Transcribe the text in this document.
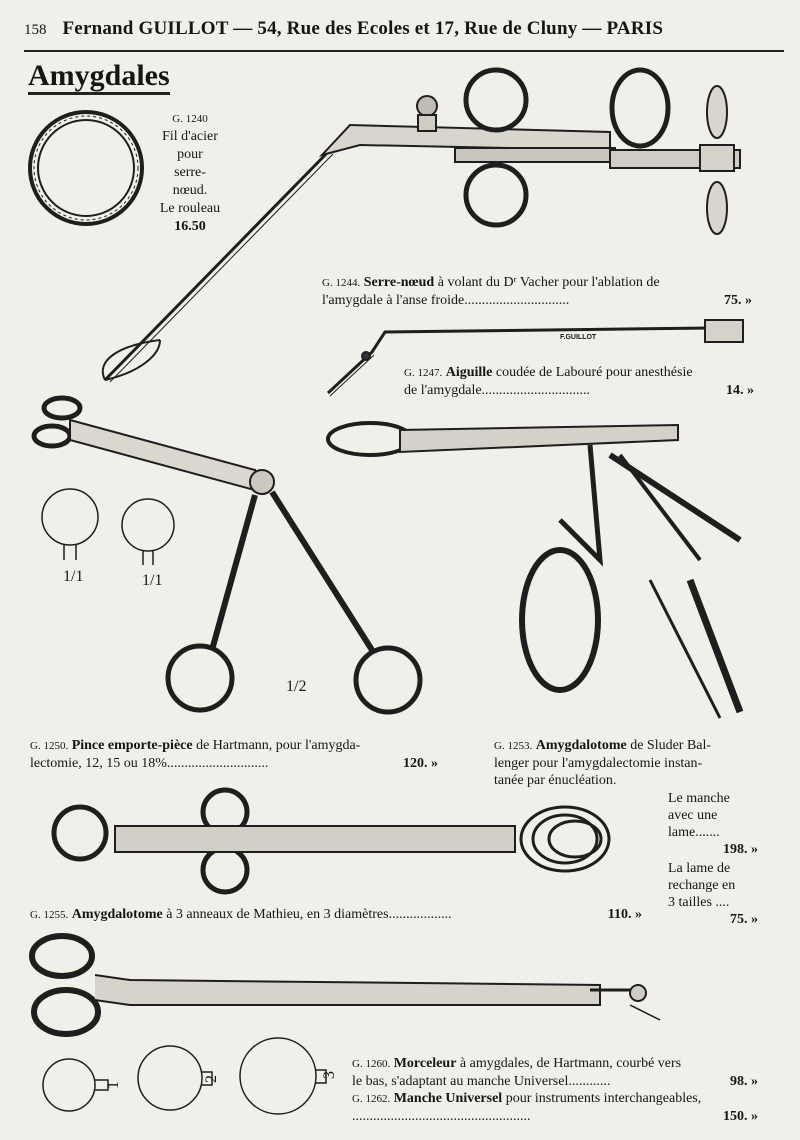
158 Fernand GUILLOT — 54, Rue des Ecoles et 17, Rue de Cluny — PARIS
Amygdales
G. 1240
Fil d'acier
pour
serre-
nœud.
Le rouleau
16.50
G. 1244. Serre-nœud à volant du Dʳ Vacher pour l'ablation de
l'amygdale à l'anse froide..............................	75. »
F.GUILLOT
G. 1247. Aiguille coudée de Labouré pour anesthésie
de l'amygdale...............................	14. »
1/1	1/1
1/2
G. 1250. Pince emporte-pièce de Hartmann, pour l'amygda-
lectomie, 12, 15 ou 18%.............................	120. »
G. 1253. Amygdalotome de Sluder Bal-
lenger pour l'amygdalectomie instan-
tanée par énucléation.
Le manche
avec une
lame.......
198. »
La lame de
rechange en
3 tailles ....
75. »
G. 1255. Amygdalotome à 3 anneaux de Mathieu, en 3 diamètres..................	110. »
1
2	3
G. 1260. Morceleur à amygdales, de Hartmann, courbé vers
le bas, s'adaptant au manche Universel............	98. »
G. 1262. Manche Universel pour instruments interchangeables,
...................................................	150. »
